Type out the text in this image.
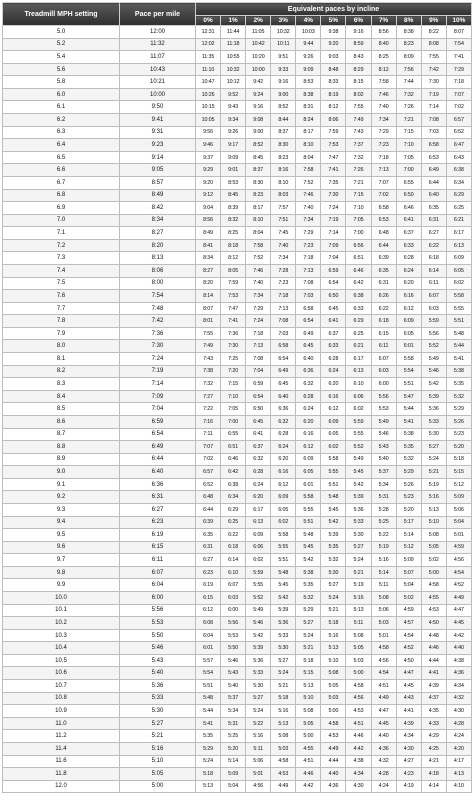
Treadmill MPH setting	Pace per mile	Equivalent paces by incline										
		0%	1%	2%	3%	4%	5%	6%	7%	8%	9%	10%
5.0	12:00	12:31	11:44	11:05	10:32	10:03	9:38	9:16	8:56	8:38	8:22	8:07
5.2	11:32	12:02	11:18	10:42	10:11	9:44	9:20	8:59	8:40	8:23	8:08	7:54
5.4	11:07	11:35	10:55	10:20	9:51	9:26	9:03	8:43	8:25	8:09	7:55	7:41
5.6	10:43	11:10	10:32	10:00	9:33	9:09	8:48	8:29	8:12	7:56	7:42	7:29
5.8	10:21	10:47	10:12	9:42	9:16	8:53	8:33	8:15	7:58	7:44	7:30	7:18
6.0	10:00	10:26	9:52	9:24	9:00	8:38	8:19	8:02	7:46	7:32	7:19	7:07
6.1	9:50	10:15	9:43	9:16	8:52	8:31	8:12	7:55	7:40	7:26	7:14	7:02
6.2	9:41	10:05	9:34	9:08	8:44	8:24	8:06	7:49	7:34	7:21	7:08	6:57
6.3	9:31	9:56	9:26	9:00	8:37	8:17	7:59	7:43	7:29	7:15	7:03	6:52
6.4	9:23	9:46	9:17	8:52	8:30	8:10	7:53	7:37	7:23	7:10	6:58	6:47
6.5	9:14	9:37	9:09	8:45	8:23	8:04	7:47	7:32	7:18	7:05	6:53	6:43
6.6	9:05	9:29	9:01	8:37	8:16	7:58	7:41	7:26	7:13	7:00	6:49	6:38
6.7	8:57	9:20	8:53	8:30	8:10	7:52	7:35	7:21	7:07	6:55	6:44	6:34
6.8	8:49	9:12	8:45	8:23	8:03	7:46	7:30	7:15	7:02	6:50	6:40	6:29
6.9	8:42	9:04	8:39	8:17	7:57	7:40	7:24	7:10	6:58	6:46	6:35	6:25
7.0	8:34	8:56	8:32	8:10	7:51	7:34	7:19	7:05	6:53	6:41	6:31	6:21
7.1	8:27	8:49	8:25	8:04	7:45	7:29	7:14	7:00	6:48	6:37	6:27	6:17
7.2	8:20	8:41	8:18	7:58	7:40	7:23	7:09	6:56	6:44	6:33	6:22	6:13
7.3	8:13	8:34	8:12	7:52	7:34	7:18	7:04	6:51	6:39	6:28	6:18	6:09
7.4	8:06	8:27	8:05	7:46	7:28	7:13	6:59	6:46	6:35	6:24	6:14	6:05
7.5	8:00	8:20	7:59	7:40	7:23	7:08	6:54	6:42	6:31	6:20	6:11	6:02
7.6	7:54	8:14	7:53	7:34	7:18	7:03	6:50	6:38	6:26	6:16	6:07	5:58
7.7	7:48	8:07	7:47	7:29	7:13	6:58	6:45	6:33	6:22	6:12	6:03	5:55
7.8	7:42	8:01	7:41	7:24	7:08	6:54	6:41	6:29	6:18	6:09	5:59	5:51
7.9	7:36	7:55	7:36	7:18	7:03	6:49	6:37	6:25	6:15	6:05	5:56	5:48
8.0	7:30	7:49	7:30	7:13	6:58	6:45	6:33	6:21	6:11	6:01	5:52	5:44
8.1	7:24	7:43	7:25	7:08	6:54	6:40	6:28	6:17	6:07	5:58	5:49	5:41
8.2	7:19	7:38	7:20	7:04	6:49	6:36	6:24	6:13	6:03	5:54	5:46	5:38
8.3	7:14	7:32	7:15	6:59	6:45	6:32	6:20	6:10	6:00	5:51	5:42	5:35
8.4	7:09	7:27	7:10	6:54	6:40	6:28	6:16	6:06	5:56	5:47	5:39	5:32
8.5	7:04	7:22	7:05	6:50	6:36	6:24	6:12	6:02	5:53	5:44	5:36	5:29
8.6	6:59	7:16	7:00	6:45	6:32	6:20	6:09	5:59	5:49	5:41	5:33	5:26
8.7	6:54	7:11	6:55	6:41	6:28	6:16	6:05	5:55	5:46	5:38	5:30	5:23
8.8	6:49	7:07	6:51	6:37	6:24	6:12	6:02	5:52	5:43	5:35	5:27	5:20
8.9	6:44	7:02	6:46	6:32	6:20	6:09	5:58	5:49	5:40	5:32	5:24	5:18
9.0	6:40	6:57	6:42	6:28	6:16	6:05	5:55	5:45	5:37	5:29	5:21	5:15
9.1	6:36	6:52	6:38	6:24	6:12	6:01	5:51	5:42	5:34	5:26	5:19	5:12
9.2	6:31	6:48	6:34	6:20	6:09	5:58	5:48	5:39	5:31	5:23	5:16	5:09
9.3	6:27	6:44	6:29	6:17	6:05	5:55	5:45	5:36	5:28	5:20	5:13	5:06
9.4	6:23	6:39	6:25	6:13	6:02	5:51	5:42	5:33	5:25	5:17	5:10	5:04
9.5	6:19	6:35	6:22	6:09	5:58	5:48	5:39	5:30	5:22	5:14	5:08	5:01
9.6	6:15	6:31	6:18	6:06	5:55	5:45	5:35	5:27	5:19	5:12	5:05	4:59
9.7	6:11	6:27	6:14	6:02	5:51	5:42	5:32	5:24	5:16	5:09	5:02	4:56
9.8	6:07	6:23	6:10	5:59	5:48	5:38	5:30	5:21	5:14	5:07	5:00	4:54
9.9	6:04	6:19	6:07	5:55	5:45	5:35	5:27	5:19	5:11	5:04	4:58	4:52
10.0	6:00	6:15	6:03	5:52	5:42	5:32	5:24	5:16	5:08	5:02	4:55	4:49
10.1	5:56	6:12	6:00	5:49	5:39	5:29	5:21	5:13	5:06	4:59	4:53	4:47
10.2	5:53	6:08	5:56	5:46	5:36	5:27	5:18	5:11	5:03	4:57	4:50	4:45
10.3	5:50	6:04	5:53	5:42	5:33	5:24	5:16	5:08	5:01	4:54	4:48	4:42
10.4	5:46	6:01	5:50	5:39	5:30	5:21	5:13	5:05	4:58	4:52	4:46	4:40
10.5	5:43	5:57	5:46	5:36	5:27	5:18	5:10	5:03	4:56	4:50	4:44	4:38
10.6	5:40	5:54	5:43	5:33	5:24	5:15	5:08	5:00	4:54	4:47	4:41	4:36
10.7	5:36	5:51	5:40	5:30	5:21	5:13	5:05	4:58	4:51	4:45	4:39	4:34
10.8	5:33	5:48	5:37	5:27	5:18	5:10	5:03	4:56	4:49	4:43	4:37	4:32
10.9	5:30	5:44	5:34	5:24	5:16	5:08	5:00	4:53	4:47	4:41	4:35	4:30
11.0	5:27	5:41	5:31	5:22	5:13	5:05	4:58	4:51	4:45	4:39	4:33	4:28
11.2	5:21	5:35	5:25	5:16	5:08	5:00	4:53	4:46	4:40	4:34	4:29	4:24
11.4	5:16	5:29	5:20	5:11	5:03	4:55	4:49	4:42	4:36	4:30	4:25	4:20
11.6	5:10	5:24	5:14	5:06	4:58	4:51	4:44	4:38	4:32	4:27	4:21	4:17
11.8	5:05	5:18	5:09	5:01	4:53	4:46	4:40	4:34	4:28	4:23	4:18	4:13
12.0	5:00	5:13	5:04	4:56	4:49	4:42	4:36	4:30	4:24	4:19	4:14	4:10
